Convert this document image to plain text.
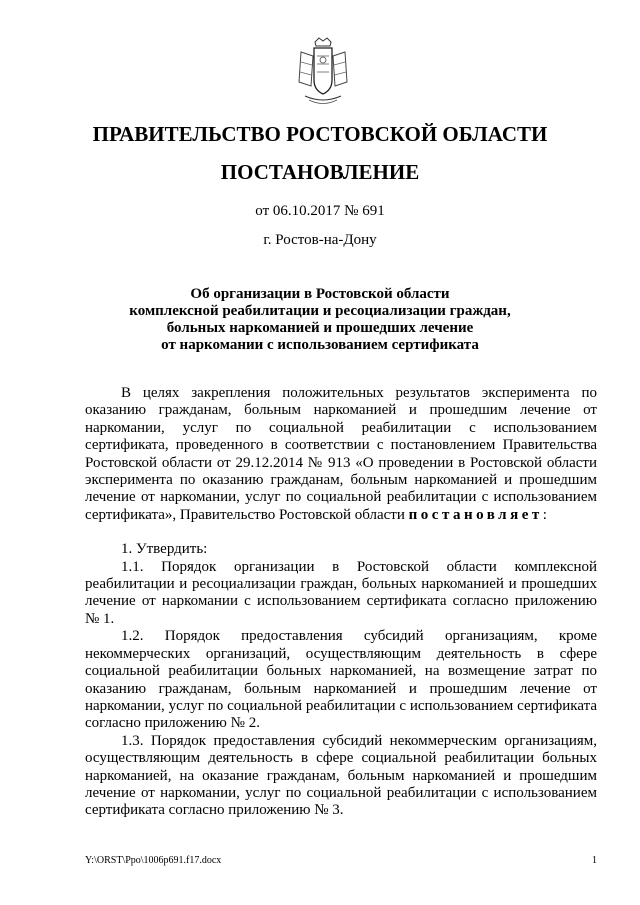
ПРАВИТЕЛЬСТВО РОСТОВСКОЙ ОБЛАСТИ
ПОСТАНОВЛЕНИЕ
от 06.10.2017 № 691
г. Ростов-на-Дону
Об организации в Ростовской области
комплексной реабилитации и ресоциализации граждан,
больных наркоманией и прошедших лечение
от наркомании с использованием сертификата

В целях закрепления положительных результатов эксперимента по оказанию гражданам, больным наркоманией и прошедшим лечение от наркомании, услуг по социальной реабилитации с использованием сертификата, проведенного в соответствии с постановлением Правительства Ростовской области от 29.12.2014 № 913 «О проведении в Ростовской области эксперимента по оказанию гражданам, больным наркоманией и прошедшим лечение от наркомании, услуг по социальной реабилитации с использованием сертификата», Правительство Ростовской области постановляет:

1. Утвердить:

1.1. Порядок организации в Ростовской области комплексной реабилитации и ресоциализации граждан, больных наркоманией и прошедших лечение от наркомании с использованием сертификата согласно приложению № 1.

1.2. Порядок предоставления субсидий организациям, кроме некоммерческих организаций, осуществляющим деятельность в сфере социальной реабилитации больных наркоманией, на возмещение затрат по оказанию гражданам, больным наркоманией и прошедшим лечение от наркомании, услуг по социальной реабилитации с использованием сертификата согласно приложению № 2.

1.3. Порядок предоставления субсидий некоммерческим организациям, осуществляющим деятельность в сфере социальной реабилитации больных наркоманией, на оказание гражданам, больным наркоманией и прошедшим лечение от наркомании, услуг по социальной реабилитации с использованием сертификата согласно приложению № 3.

Y:\ORST\Ppo\1006p691.f17.docx	1
